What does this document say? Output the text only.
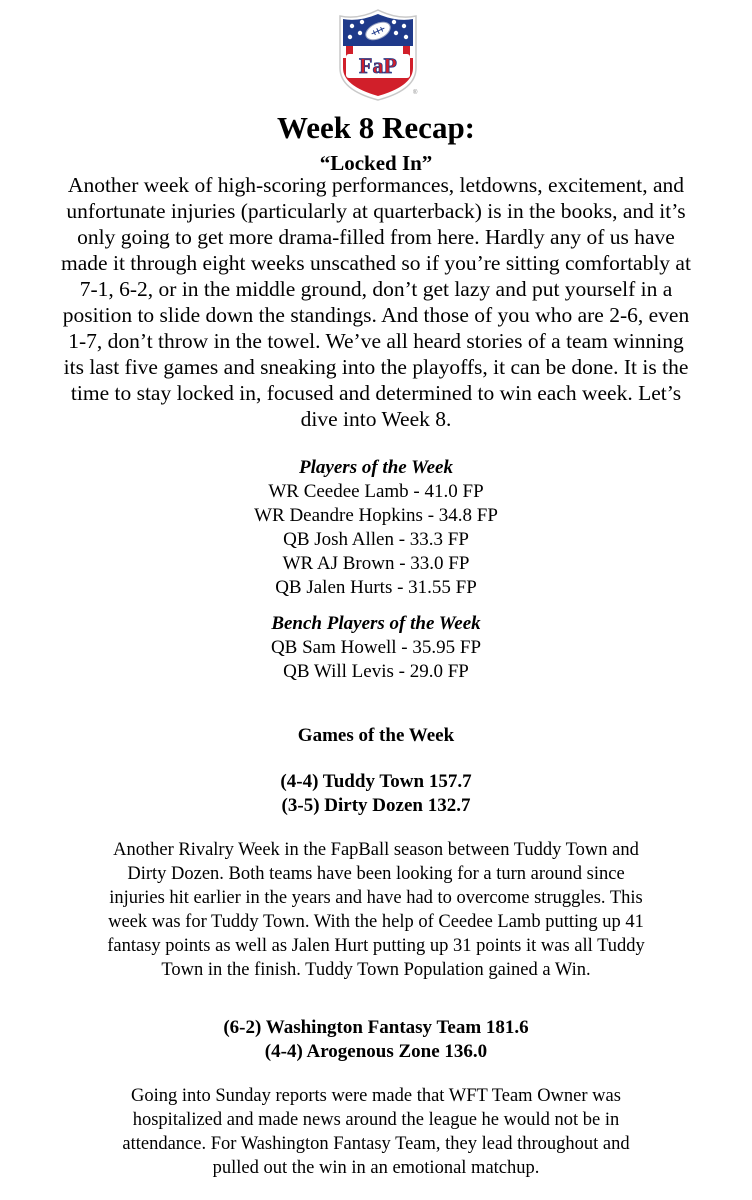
FaP
®
Week 8 Recap:
“Locked In”

Another week of high-scoring performances, letdowns, excitement, and unfortunate injuries (particularly at quarterback) is in the books, and it’s only going to get more drama-filled from here. Hardly any of us have made it through eight weeks unscathed so if you’re sitting comfortably at 7-1, 6-2, or in the middle ground, don’t get lazy and put yourself in a position to slide down the standings. And those of you who are 2-6, even 1-7, don’t throw in the towel. We’ve all heard stories of a team winning its last five games and sneaking into the playoffs, it can be done. It is the time to stay locked in, focused and determined to win each week. Let’s dive into Week 8.

Players of the Week
WR Ceedee Lamb - 41.0 FP
WR Deandre Hopkins - 34.8 FP
QB Josh Allen - 33.3 FP
WR AJ Brown - 33.0 FP
QB Jalen Hurts - 31.55 FP
Bench Players of the Week
QB Sam Howell - 35.95 FP
QB Will Levis - 29.0 FP
Games of the Week
(4-4) Tuddy Town 157.7
(3-5) Dirty Dozen 132.7

Another Rivalry Week in the FapBall season between Tuddy Town and Dirty Dozen. Both teams have been looking for a turn around since injuries hit earlier in the years and have had to overcome struggles. This week was for Tuddy Town. With the help of Ceedee Lamb putting up 41 fantasy points as well as Jalen Hurt putting up 31 points it was all Tuddy Town in the finish. Tuddy Town Population gained a Win.

(6-2) Washington Fantasy Team 181.6
(4-4) Arogenous Zone 136.0

Going into Sunday reports were made that WFT Team Owner was hospitalized and made news around the league he would not be in attendance. For Washington Fantasy Team, they lead throughout and pulled out the win in an emotional matchup.
